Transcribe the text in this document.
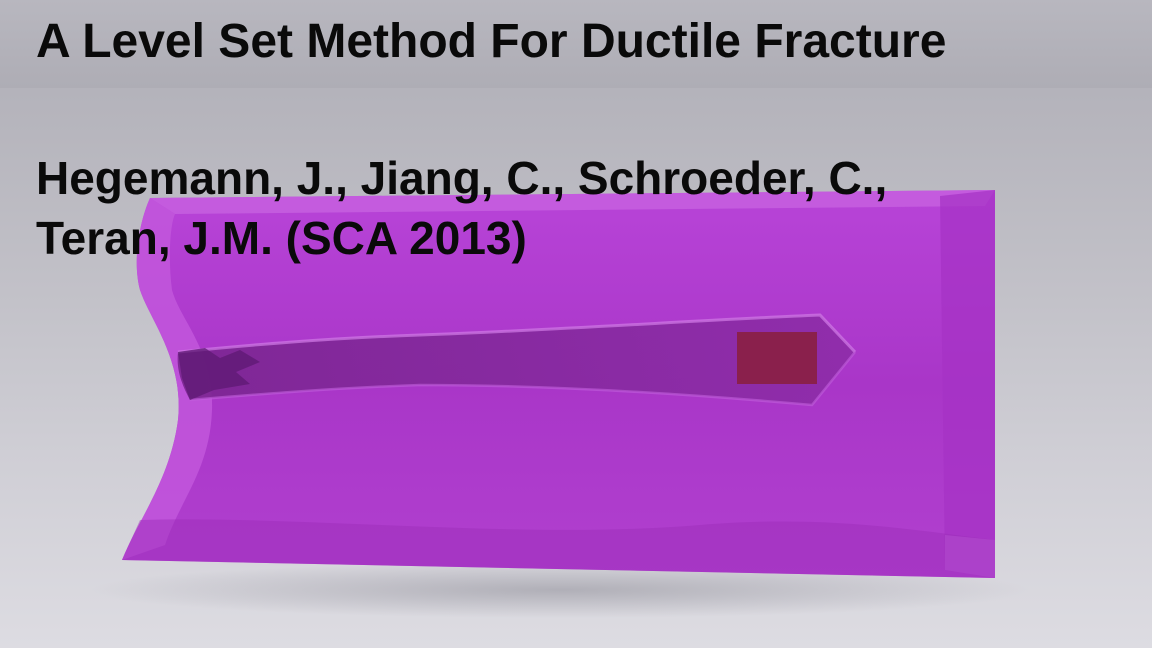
A Level Set Method For Ductile Fracture

Hegemann, J., Jiang, C., Schroeder, C.,
Teran, J.M. (SCA 2013)
